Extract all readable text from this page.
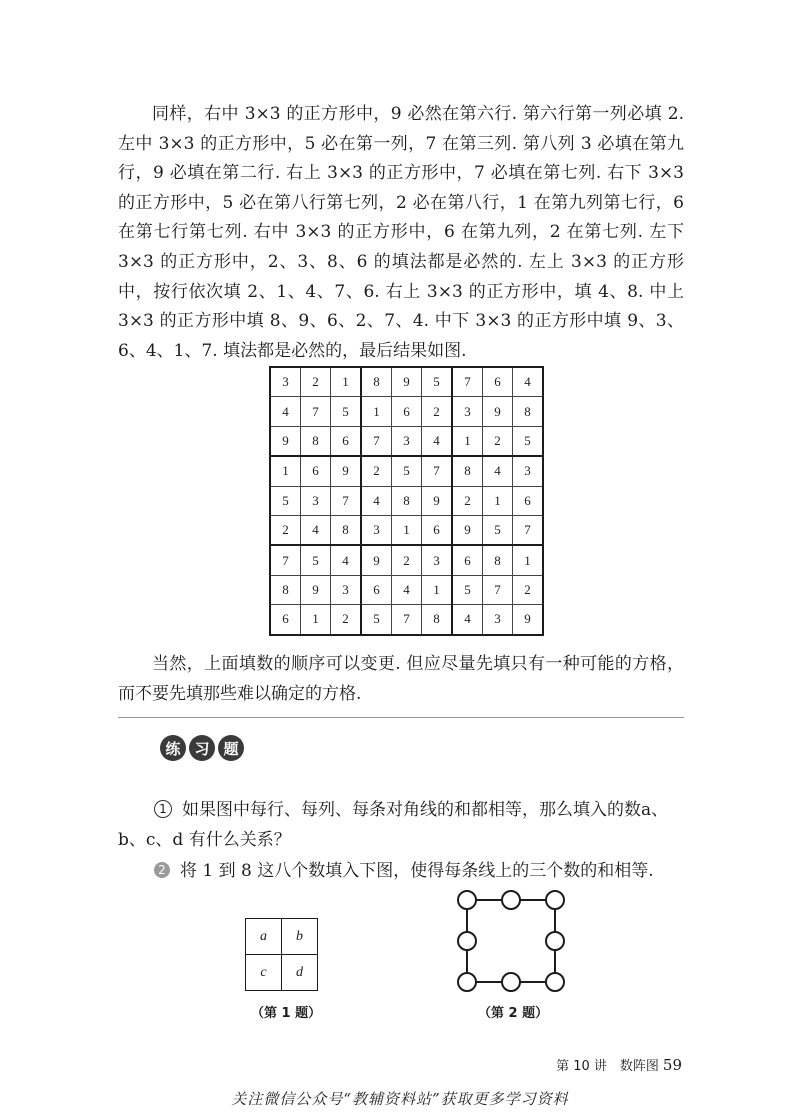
同样，右中 3×3 的正方形中，9 必然在第六行. 第六行第一列必填 2. 左中 3×3 的正方形中，5 必在第一列，7 在第三列. 第八列 3 必填在第九行，9 必填在第二行. 右上 3×3 的正方形中，7 必填在第七列. 右下 3×3 的正方形中，5 必在第八行第七列，2 必在第八行，1 在第九列第七行，6 在第七行第七列. 右中 3×3 的正方形中，6 在第九列，2 在第七列. 左下 3×3 的正方形中，2、3、8、6 的填法都是必然的. 左上 3×3 的正方形中，按行依次填 2、1、4、7、6. 右上 3×3 的正方形中，填 4、8. 中上3×3 的正方形中填 8、9、6、2、7、4. 中下 3×3 的正方形中填 9、3、6、4、1、7. 填法都是必然的，最后结果如图.

3	2	1	8	9	5	7	6	4
4	7	5	1	6	2	3	9	8
9	8	6	7	3	4	1	2	5
1	6	9	2	5	7	8	4	3
5	3	7	4	8	9	2	1	6
2	4	8	3	1	6	9	5	7
7	5	4	9	2	3	6	8	1
8	9	3	6	4	1	5	7	2
6	1	2	5	7	8	4	3	9

当然，上面填数的顺序可以变更. 但应尽量先填只有一种可能的方格，而不要先填那些难以确定的方格.

练 习 题
1 如果图中每行、每列、每条对角线的和都相等，那么填入的数a、
b、c、d 有什么关系？
2 将 1 到 8 这八个数填入下图，使得每条线上的三个数的和相等.
a	b
c	d
（第 1 题）	（第 2 题）
第 10 讲　数阵图 59
关注微信公众号“教辅资料站”获取更多学习资料
